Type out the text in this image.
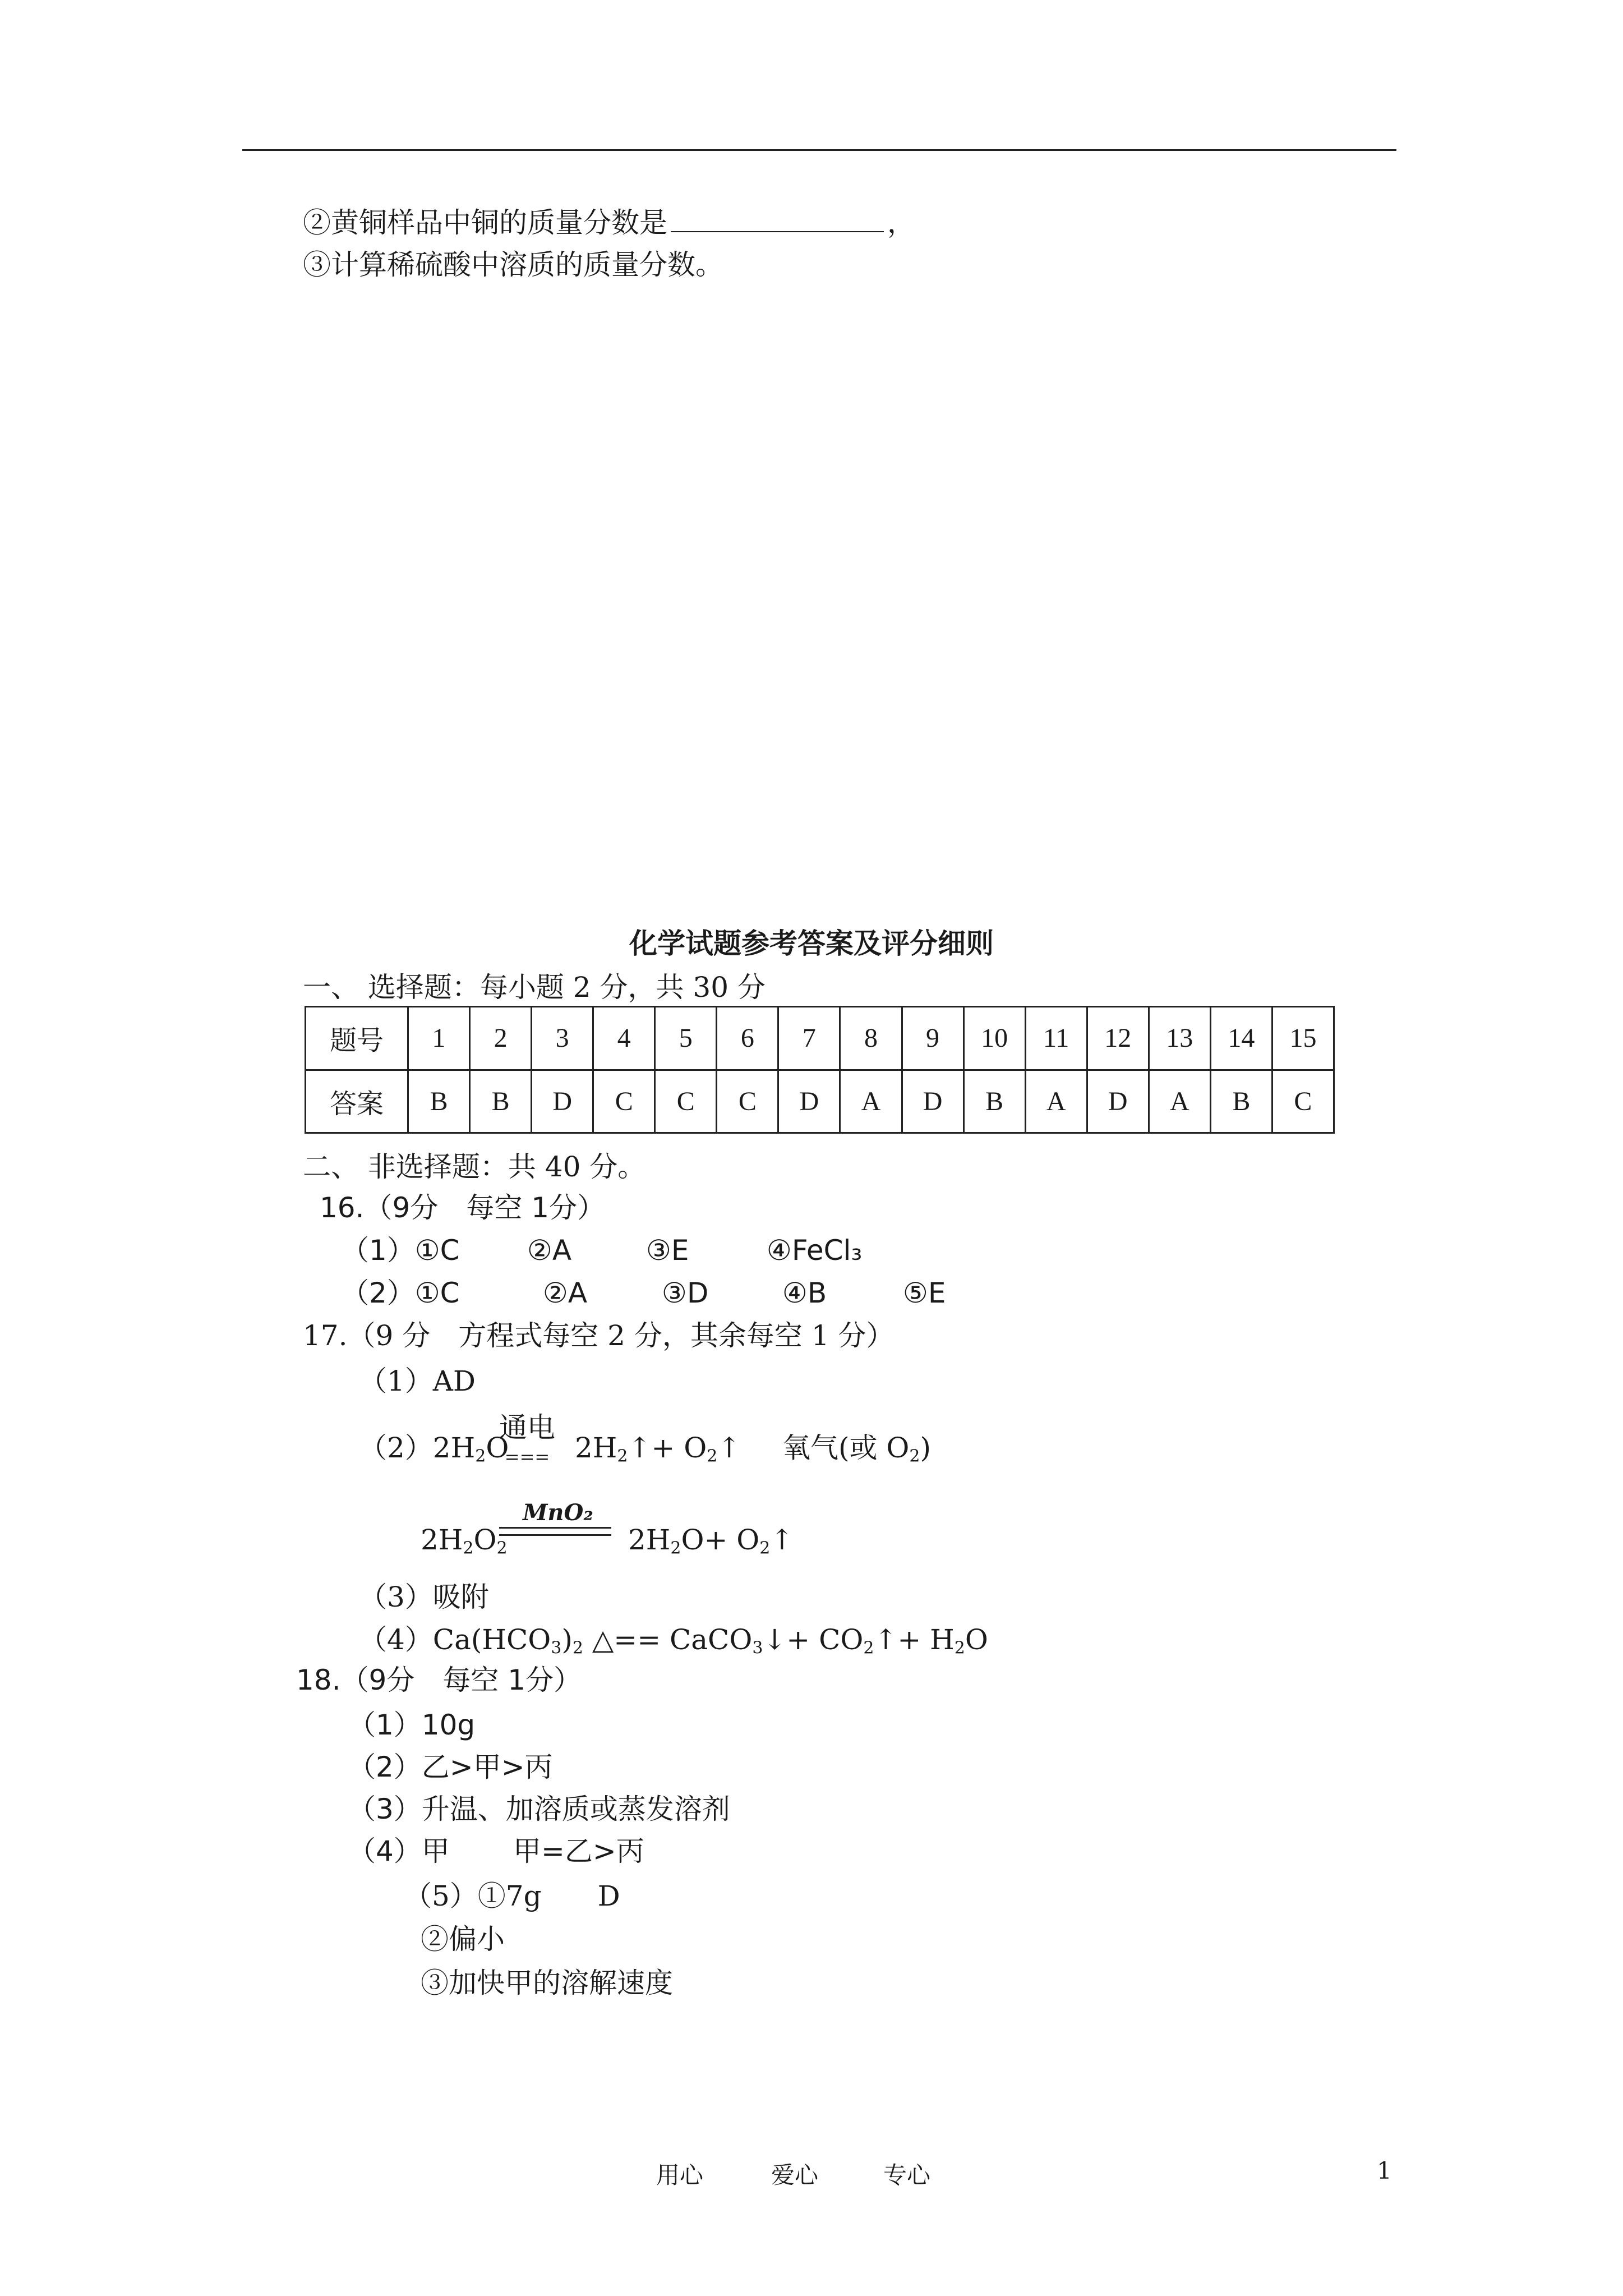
②黄铜样品中铜的质量分数是	，
③计算稀硫酸中溶质的质量分数。
化学试题参考答案及评分细则
一、 选择题：每小题 2 分，共 30 分
题号	1	2	3	4	5	6	7	8	9	10	11	12	13	14	15
答案	B	B	D	C	C	C	D	A	D	B	A	D	A	B	C
二、 非选择题：共 40 分。
16.（9分　每空 1分）
（1）①C ②A	③E	④FeCl₃
（2）①C	②A	③D	④B	⑤E
17.（9 分　方程式每空 2 分，其余每空 1 分）
（1）AD
$(2)2H_2O$
通电
=== $2H_2↑+$ $O_2↑$ 氧气(或 $O_2$)
$2H_2O_2$
MnO₂
$2H_2O+$ $O_2↑$
（3）吸附
$(4)Ca(HCO_3)_2$ △== CaCO$_3$↓+ $CO_2↑+ H_2O$
18.（9分　每空 1分）
（1）10g
（2）乙>甲>丙
（3）升温、加溶质或蒸发溶剂
（4）甲 甲=乙>丙
（5）①7g　　D
②偏小
③加快甲的溶解速度
用心	爱心	专心	1
